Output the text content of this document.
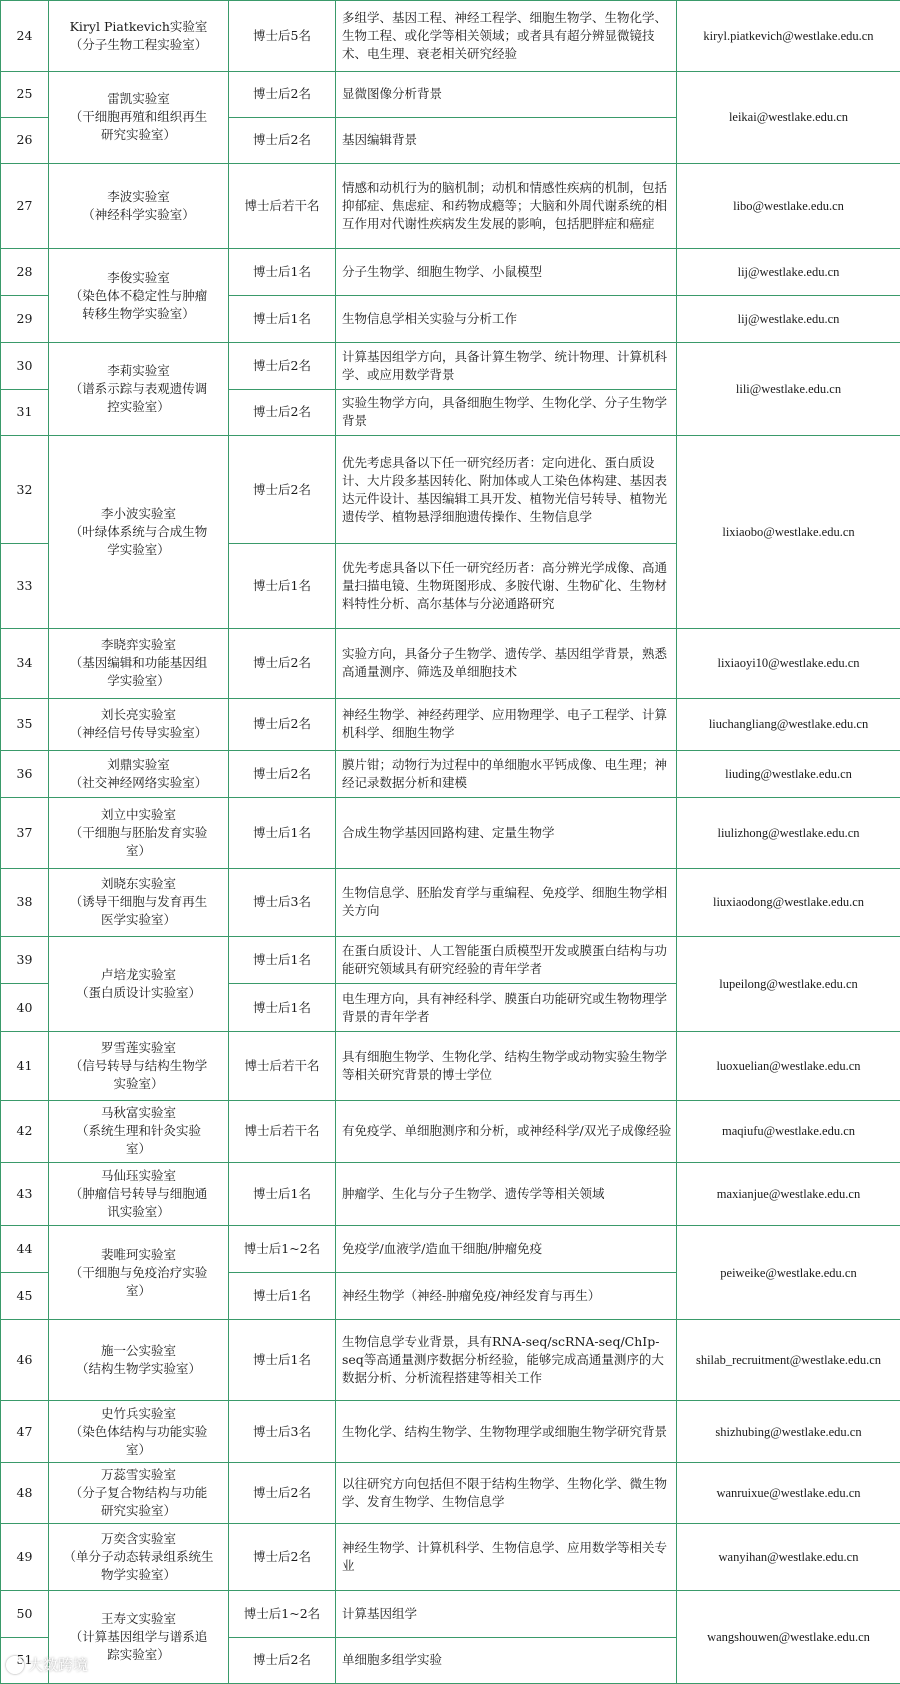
24	Kiryl Piatkevich实验室
（分子生物工程实验室）	博士后5名	多组学、基因工程、神经工程学、细胞生物学、生物化学、生物工程、或化学等相关领域；或者具有超分辨显微镜技术、电生理、衰老相关研究经验	kiryl.piatkevich@westlake.edu.cn
25	雷凯实验室
（干细胞再殖和组织再生
研究实验室）	博士后2名	显微图像分析背景	leikai@westlake.edu.cn
26		博士后2名	基因编辑背景	
27	李波实验室
（神经科学实验室）	博士后若干名	情感和动机行为的脑机制；动机和情感性疾病的机制，包括抑郁症、焦虑症、和药物成瘾等；大脑和外周代谢系统的相互作用对代谢性疾病发生发展的影响，包括肥胖症和癌症	libo@westlake.edu.cn
28	李俊实验室
（染色体不稳定性与肿瘤
转移生物学实验室）	博士后1名	分子生物学、细胞生物学、小鼠模型	lij@westlake.edu.cn
29		博士后1名	生物信息学相关实验与分析工作	lij@westlake.edu.cn
30	李莉实验室
（谱系示踪与表观遗传调
控实验室）	博士后2名	计算基因组学方向，具备计算生物学、统计物理、计算机科学、或应用数学背景	lili@westlake.edu.cn
31		博士后2名	实验生物学方向，具备细胞生物学、生物化学、分子生物学背景	
32	李小波实验室
（叶绿体系统与合成生物
学实验室）	博士后2名	优先考虑具备以下任一研究经历者：定向进化、蛋白质设计、大片段多基因转化、附加体或人工染色体构建、基因表达元件设计、基因编辑工具开发、植物光信号转导、植物光遗传学、植物悬浮细胞遗传操作、生物信息学	lixiaobo@westlake.edu.cn
33		博士后1名	优先考虑具备以下任一研究经历者：高分辨光学成像、高通量扫描电镜、生物斑图形成、多胺代谢、生物矿化、生物材料特性分析、高尔基体与分泌通路研究	
34	李晓弈实验室
（基因编辑和功能基因组
学实验室）	博士后2名	实验方向，具备分子生物学、遗传学、基因组学背景，熟悉高通量测序、筛选及单细胞技术	lixiaoyi10@westlake.edu.cn
35	刘长亮实验室
（神经信号传导实验室）	博士后2名	神经生物学、神经药理学、应用物理学、电子工程学、计算机科学、细胞生物学	liuchangliang@westlake.edu.cn
36	刘鼎实验室
（社交神经网络实验室）	博士后2名	膜片钳；动物行为过程中的单细胞水平钙成像、电生理；神经记录数据分析和建模	liuding@westlake.edu.cn
37	刘立中实验室
（干细胞与胚胎发育实验
室）	博士后1名	合成生物学基因回路构建、定量生物学	liulizhong@westlake.edu.cn
38	刘晓东实验室
（诱导干细胞与发育再生
医学实验室）	博士后3名	生物信息学、胚胎发育学与重编程、免疫学、细胞生物学相关方向	liuxiaodong@westlake.edu.cn
39	卢培龙实验室
（蛋白质设计实验室）	博士后1名	在蛋白质设计、人工智能蛋白质模型开发或膜蛋白结构与功能研究领域具有研究经验的青年学者	lupeilong@westlake.edu.cn
40		博士后1名	电生理方向，具有神经科学、膜蛋白功能研究或生物物理学背景的青年学者	
41	罗雪莲实验室
（信号转导与结构生物学
实验室）	博士后若干名	具有细胞生物学、生物化学、结构生物学或动物实验生物学等相关研究背景的博士学位	luoxuelian@westlake.edu.cn
42	马秋富实验室
（系统生理和针灸实验
室）	博士后若干名	有免疫学、单细胞测序和分析，或神经科学/双光子成像经验	maqiufu@westlake.edu.cn
43	马仙珏实验室
（肿瘤信号转导与细胞通
讯实验室）	博士后1名	肿瘤学、生化与分子生物学、遗传学等相关领域	maxianjue@westlake.edu.cn
44	裴唯珂实验室
（干细胞与免疫治疗实验
室）	博士后1~2名	免疫学/血液学/造血干细胞/肿瘤免疫	peiweike@westlake.edu.cn
45		博士后1名	神经生物学（神经-肿瘤免疫/神经发育与再生）	
46	施一公实验室
（结构生物学实验室）	博士后1名	生物信息学专业背景，具有RNA-seq/scRNA-seq/ChIp-seq等高通量测序数据分析经验，能够完成高通量测序的大数据分析、分析流程搭建等相关工作	shilab_recruitment@westlake.edu.cn
47	史竹兵实验室
（染色体结构与功能实验
室）	博士后3名	生物化学、结构生物学、生物物理学或细胞生物学研究背景	shizhubing@westlake.edu.cn
48	万蕊雪实验室
（分子复合物结构与功能
研究实验室）	博士后2名	以往研究方向包括但不限于结构生物学、生物化学、微生物学、发育生物学、生物信息学	wanruixue@westlake.edu.cn
49	万奕含实验室
（单分子动态转录组系统生
物学实验室）	博士后2名	神经生物学、计算机科学、生物信息学、应用数学等相关专业	wanyihan@westlake.edu.cn
50	王寿文实验室
（计算基因组学与谱系追
踪实验室）	博士后1~2名	计算基因组学	wangshouwen@westlake.edu.cn
51		博士后2名	单细胞多组学实验	
大数跨境
